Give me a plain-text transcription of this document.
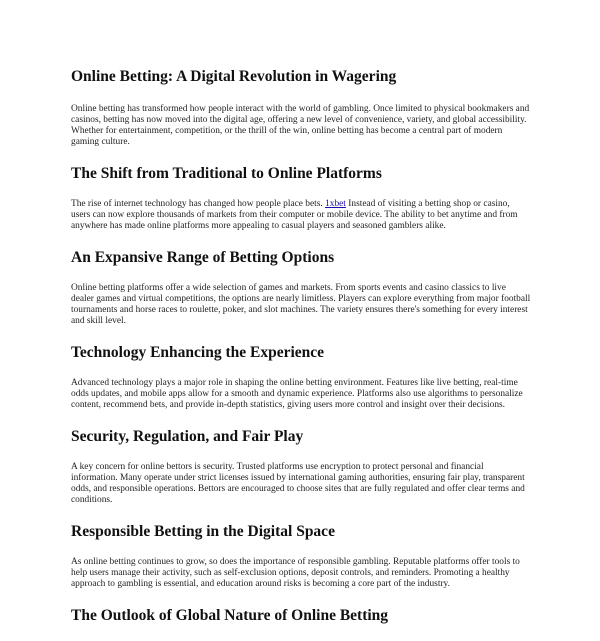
Online Betting: A Digital Revolution in Wagering

Online betting has transformed how people interact with the world of gambling. Once limited to physical bookmakers and casinos, betting has now moved into the digital age, offering a new level of convenience, variety, and global accessibility. Whether for entertainment, competition, or the thrill of the win, online betting has become a central part of modern gaming culture.

The Shift from Traditional to Online Platforms

The rise of internet technology has changed how people place bets. 1xbet Instead of visiting a betting shop or casino, users can now explore thousands of markets from their computer or mobile device. The ability to bet anytime and from anywhere has made online platforms more appealing to casual players and seasoned gamblers alike.

An Expansive Range of Betting Options

Online betting platforms offer a wide selection of games and markets. From sports events and casino classics to live dealer games and virtual competitions, the options are nearly limitless. Players can explore everything from major football tournaments and horse races to roulette, poker, and slot machines. The variety ensures there's something for every interest and skill level.

Technology Enhancing the Experience

Advanced technology plays a major role in shaping the online betting environment. Features like live betting, real-time odds updates, and mobile apps allow for a smooth and dynamic experience. Platforms also use algorithms to personalize content, recommend bets, and provide in-depth statistics, giving users more control and insight over their decisions.

Security, Regulation, and Fair Play

A key concern for online bettors is security. Trusted platforms use encryption to protect personal and financial information. Many operate under strict licenses issued by international gaming authorities, ensuring fair play, transparent odds, and responsible operations. Bettors are encouraged to choose sites that are fully regulated and offer clear terms and conditions.

Responsible Betting in the Digital Space

As online betting continues to grow, so does the importance of responsible gambling. Reputable platforms offer tools to help users manage their activity, such as self-exclusion options, deposit controls, and reminders. Promoting a healthy approach to gambling is essential, and education around risks is becoming a core part of the industry.

The Outlook of Global Nature of Online Betting
